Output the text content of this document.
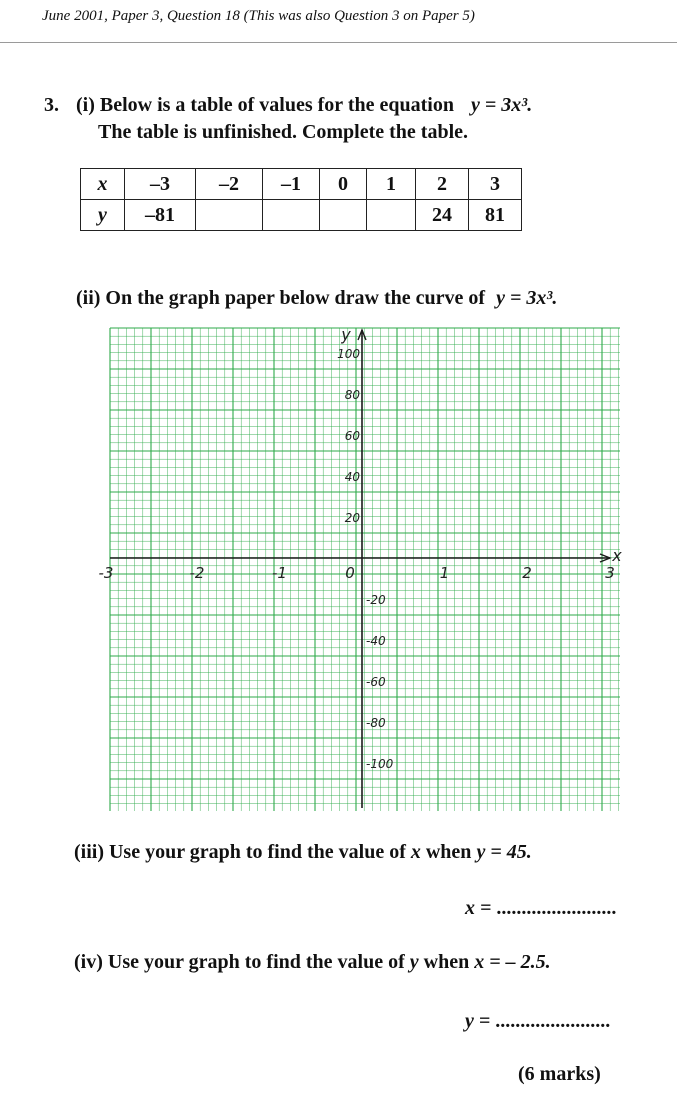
June 2001, Paper 3, Question 18 (This was also Question 3 on Paper 5)
3. (i) Below is a table of values for the equation y = 3x³.
The table is unfinished. Complete the table.
x	–3	–2	–1	0	1	2	3
y	–81					24	81
(ii) On the graph paper below draw the curve of y = 3x³.
y
x
-3	-2	-1	0	1	2	3
100
80
60
40
20
-20
-40
-60
-80
-100
(iii) Use your graph to find the value of x when y = 45.
x = ........................
(iv) Use your graph to find the value of y when x = – 2.5.
y = .......................
(6 marks)
